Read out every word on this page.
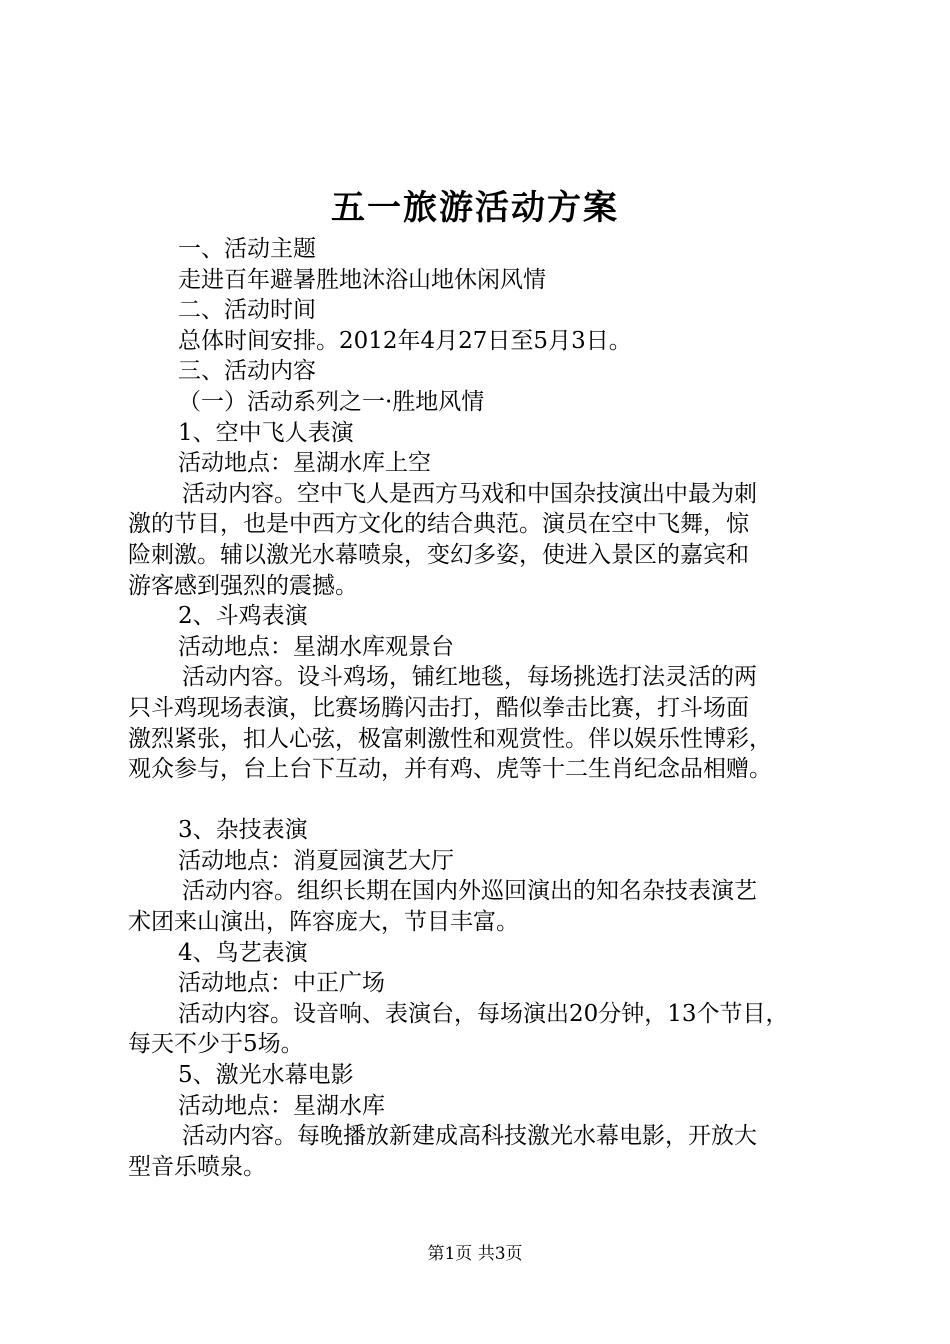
五一旅游活动方案

一、活动主题

走进百年避暑胜地沐浴山地休闲风情

二、活动时间

总体时间安排。2012年4月27日至5月3日。

三、活动内容

（一）活动系列之一·胜地风情

1、空中飞人表演

活动地点：星湖水库上空

活动内容。空中飞人是西方马戏和中国杂技演出中最为刺

激的节目，也是中西方文化的结合典范。演员在空中飞舞，惊

险刺激。辅以激光水幕喷泉，变幻多姿，使进入景区的嘉宾和

游客感到强烈的震撼。

2、斗鸡表演

活动地点：星湖水库观景台

活动内容。设斗鸡场，铺红地毯，每场挑选打法灵活的两

只斗鸡现场表演，比赛场腾闪击打，酷似拳击比赛，打斗场面

激烈紧张，扣人心弦，极富刺激性和观赏性。伴以娱乐性博彩，

观众参与，台上台下互动，并有鸡、虎等十二生肖纪念品相赠。

3、杂技表演

活动地点：消夏园演艺大厅

活动内容。组织长期在国内外巡回演出的知名杂技表演艺

术团来山演出，阵容庞大，节目丰富。

4、鸟艺表演

活动地点：中正广场

活动内容。设音响、表演台，每场演出20分钟，13个节目，

每天不少于5场。

5、激光水幕电影

活动地点：星湖水库

活动内容。每晚播放新建成高科技激光水幕电影，开放大

型音乐喷泉。

第1页 共3页
